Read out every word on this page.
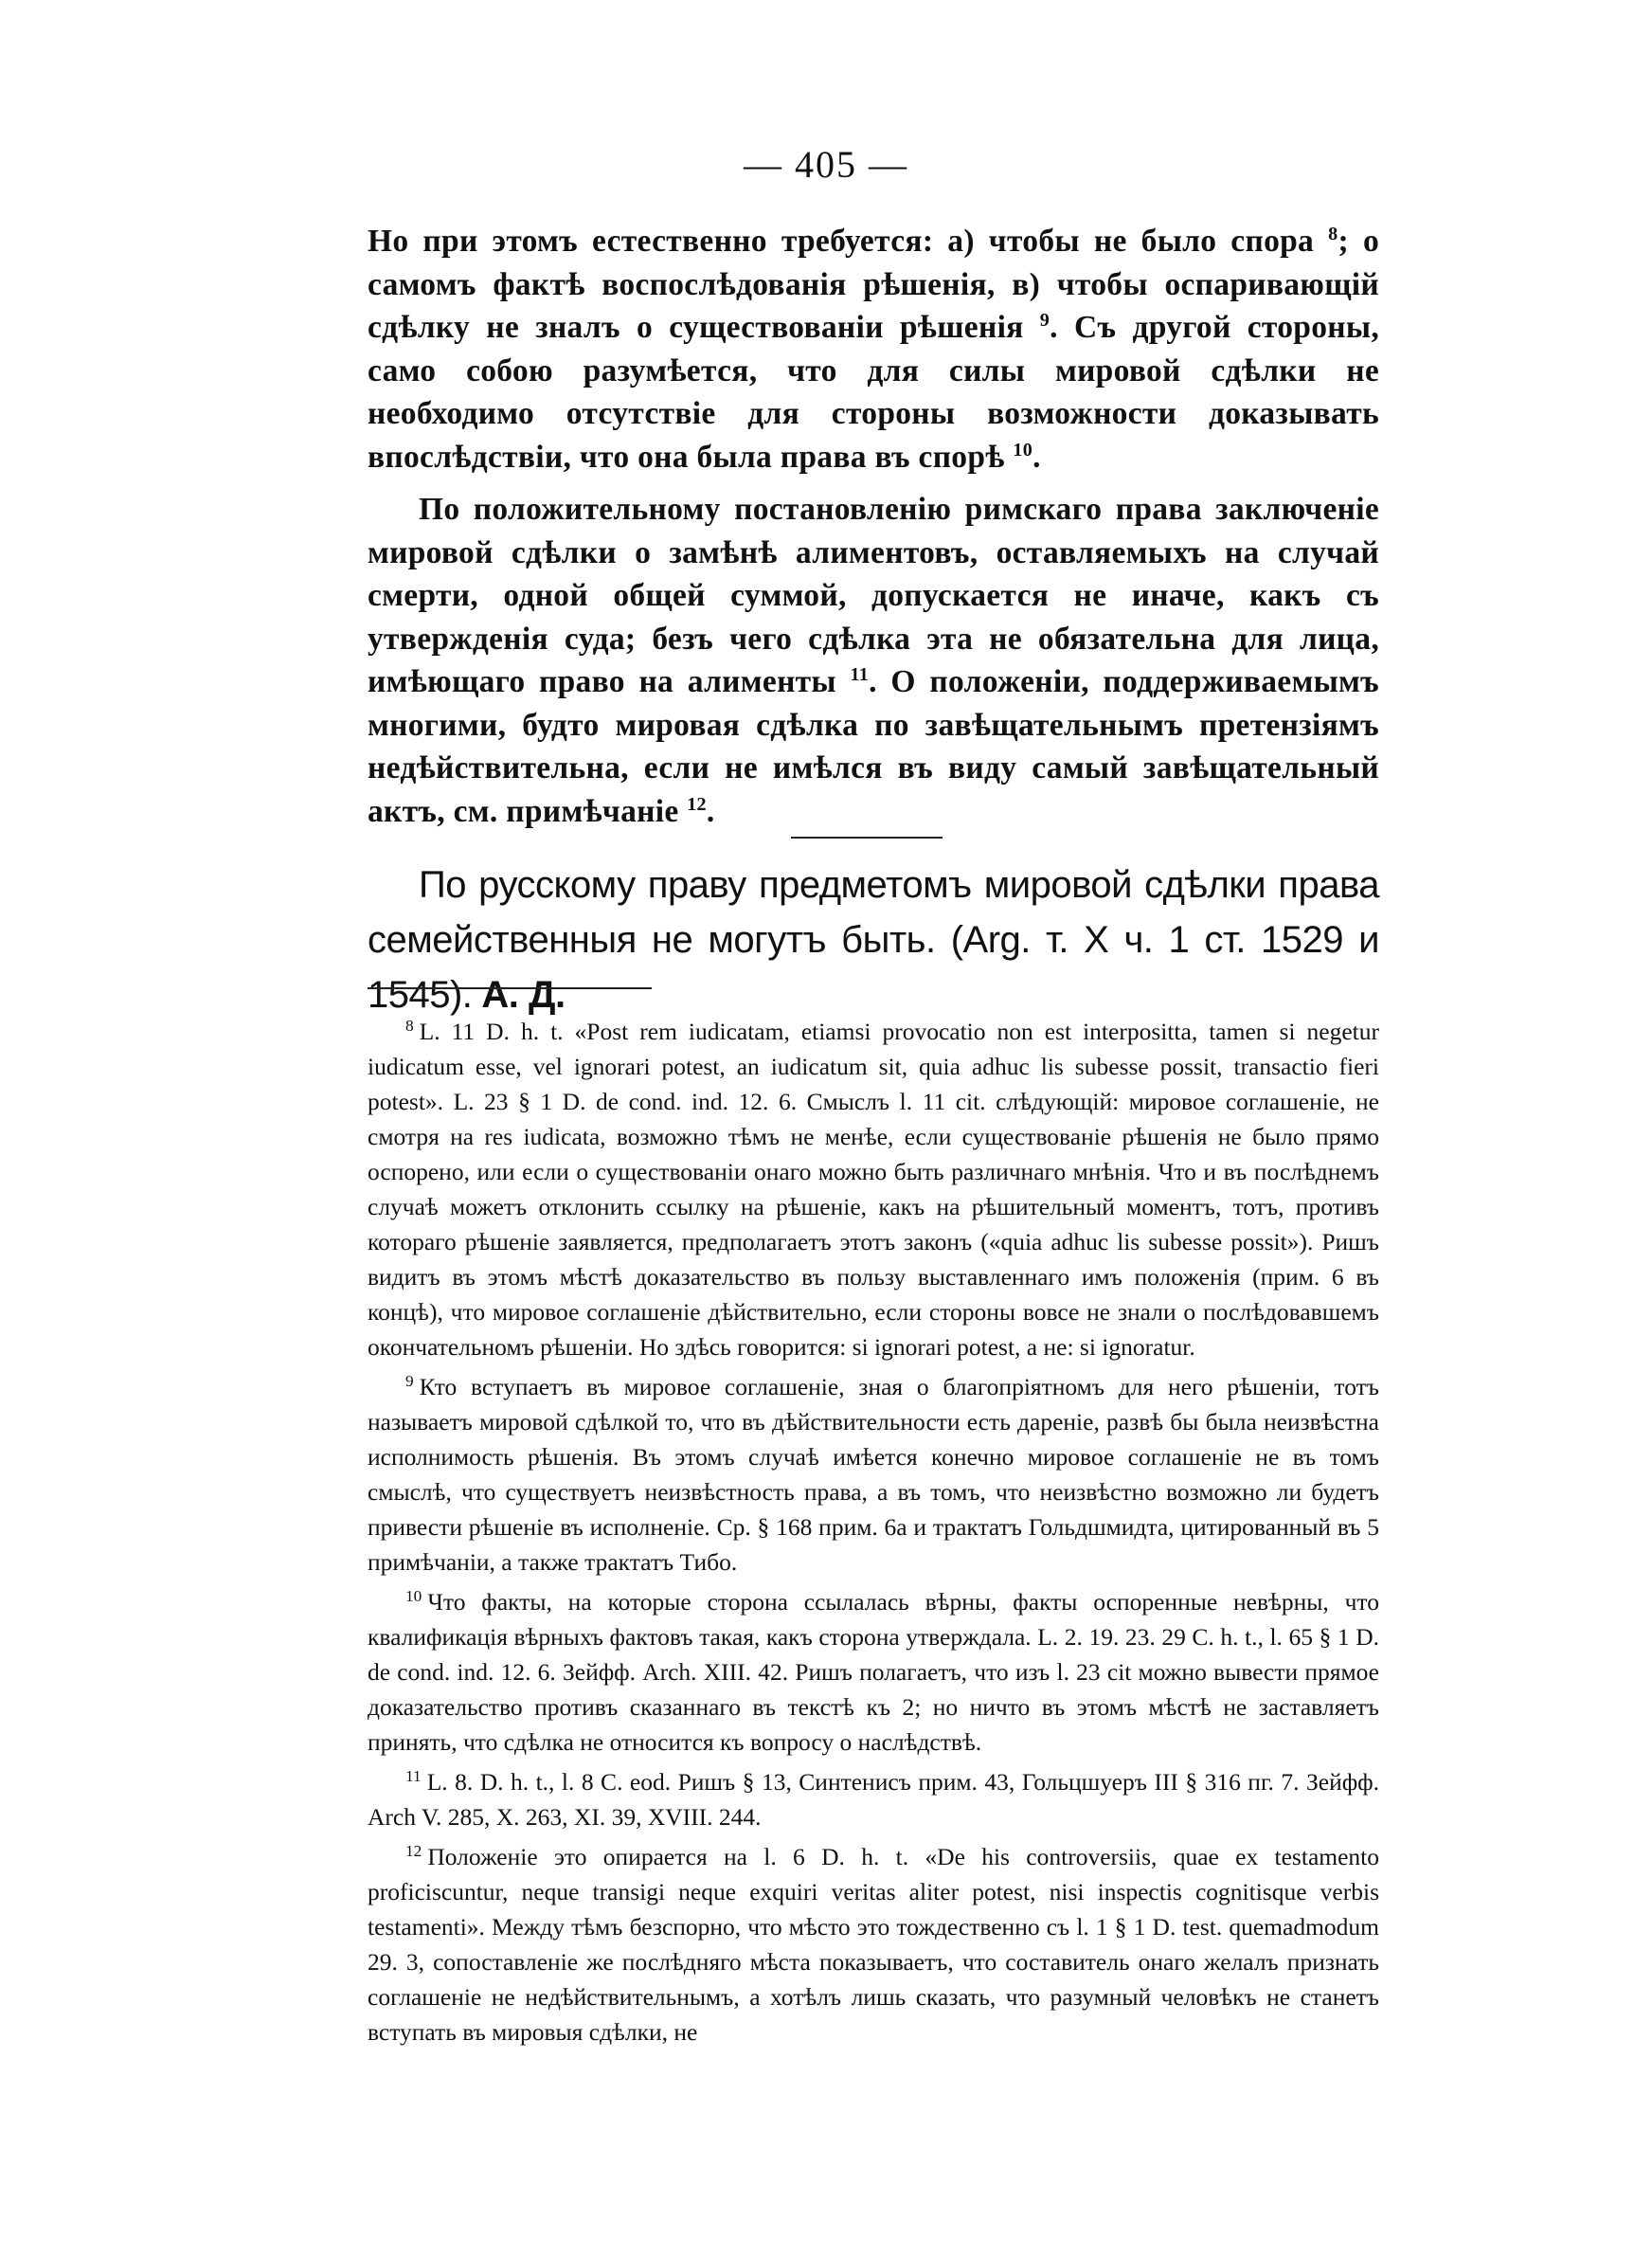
— 405 —

Но при этомъ естественно требуется: а) чтобы не было спора $^8$; о самомъ фактѣ воспослѣдованія рѣшенія, в) чтобы оспаривающій сдѣлку не зналъ о существованіи рѣшенія $^9$. Съ другой стороны, само собою разумѣется, что для силы мировой сдѣлки не необходимо отсутствіе для стороны возможности доказывать впослѣдствіи, что она была права въ спорѣ $^{10}$.

По положительному постановленію римскаго права заключеніе мировой сдѣлки о замѣнѣ алиментовъ, оставляемыхъ на случай смерти, одной общей суммой, допускается не иначе, какъ съ утвержденія суда; безъ чего сдѣлка эта не обязательна для лица, имѣющаго право на алименты $^{11}$. О положеніи, поддерживаемымъ многими, будто мировая сдѣлка по завѣщательнымъ претензіямъ недѣйствительна, если не имѣлся въ виду самый завѣщательный актъ, см. примѣчаніе $^{12}$.

По русскому праву предметомъ мировой сдѣлки права семейственныя не могутъ быть. (Arg. т. X ч. 1 ст. 1529 и 1545). А. Д.

$^8$ L. 11 D. h. t. «Post rem iudicatam, etiamsi provocatio non est interpositta, tamen si negetur iudicatum esse, vel ignorari potest, an iudicatum sit, quia adhuc lis subesse possit, transactio fieri potest». L. 23 § 1 D. de cond. ind. 12. 6. Смыслъ l. 11 cit. слѣдующій: мировое соглашеніе, не смотря на res iudicata, возможно тѣмъ не менѣе, если существованіе рѣшенія не было прямо оспорено, или если о существованіи онаго можно быть различнаго мнѣнія. Что и въ послѣднемъ случаѣ можетъ отклонить ссылку на рѣшеніе, какъ на рѣшительный моментъ, тотъ, противъ котораго рѣшеніе заявляется, предполагаетъ этотъ законъ («quia adhuc lis subesse possit»). Ришъ видитъ въ этомъ мѣстѣ доказательство въ пользу выставленнаго имъ положенія (прим. 6 въ концѣ), что мировое соглашеніе дѣйствительно, если стороны вовсе не знали о послѣдовавшемъ окончательномъ рѣшеніи. Но здѣсь говорится: si ignorari potest, а не: si ignoratur.

$^9$ Кто вступаетъ въ мировое соглашеніе, зная о благопріятномъ для него рѣшеніи, тотъ называетъ мировой сдѣлкой то, что въ дѣйствительности есть дареніе, развѣ бы была неизвѣстна исполнимость рѣшенія. Въ этомъ случаѣ имѣется конечно мировое соглашеніе не въ томъ смыслѣ, что существуетъ неизвѣстность права, а въ томъ, что неизвѣстно возможно ли будетъ привести рѣшеніе въ исполненіе. Ср. § 168 прим. 6а и трактатъ Гольдшмидта, цитированный въ 5 примѣчаніи, а также трактатъ Тибо.

$^{10}$ Что факты, на которые сторона ссылалась вѣрны, факты оспоренные невѣрны, что квалификація вѣрныхъ фактовъ такая, какъ сторона утверждала. L. 2. 19. 23. 29 C. h. t., l. 65 § 1 D. de cond. ind. 12. 6. Зейфф. Arch. XIII. 42. Ришъ полагаетъ, что изъ l. 23 cit можно вывести прямое доказательство противъ сказаннаго въ текстѣ къ 2; но ничто въ этомъ мѣстѣ не заставляетъ принять, что сдѣлка не относится къ вопросу о наслѣдствѣ.

$^{11}$ L. 8. D. h. t., l. 8 C. eod. Ришъ § 13, Синтенисъ прим. 43, Гольцшуеръ III § 316 пг. 7. Зейфф. Arch V. 285, X. 263, XI. 39, XVIII. 244.

$^{12}$ Положеніе это опирается на l. 6 D. h. t. «De his controversiis, quae ex testamento proficiscuntur, neque transigi neque exquiri veritas aliter potest, nisi inspectis cognitisque verbis testamenti». Между тѣмъ безспорно, что мѣсто это тождественно съ l. 1 § 1 D. test. quemadmodum 29. 3, сопоставленіе же послѣдняго мѣста показываетъ, что составитель онаго желалъ признать соглашеніе не недѣйствительнымъ, а хотѣлъ лишь сказать, что разумный человѣкъ не станетъ вступать въ мировыя сдѣлки, не
